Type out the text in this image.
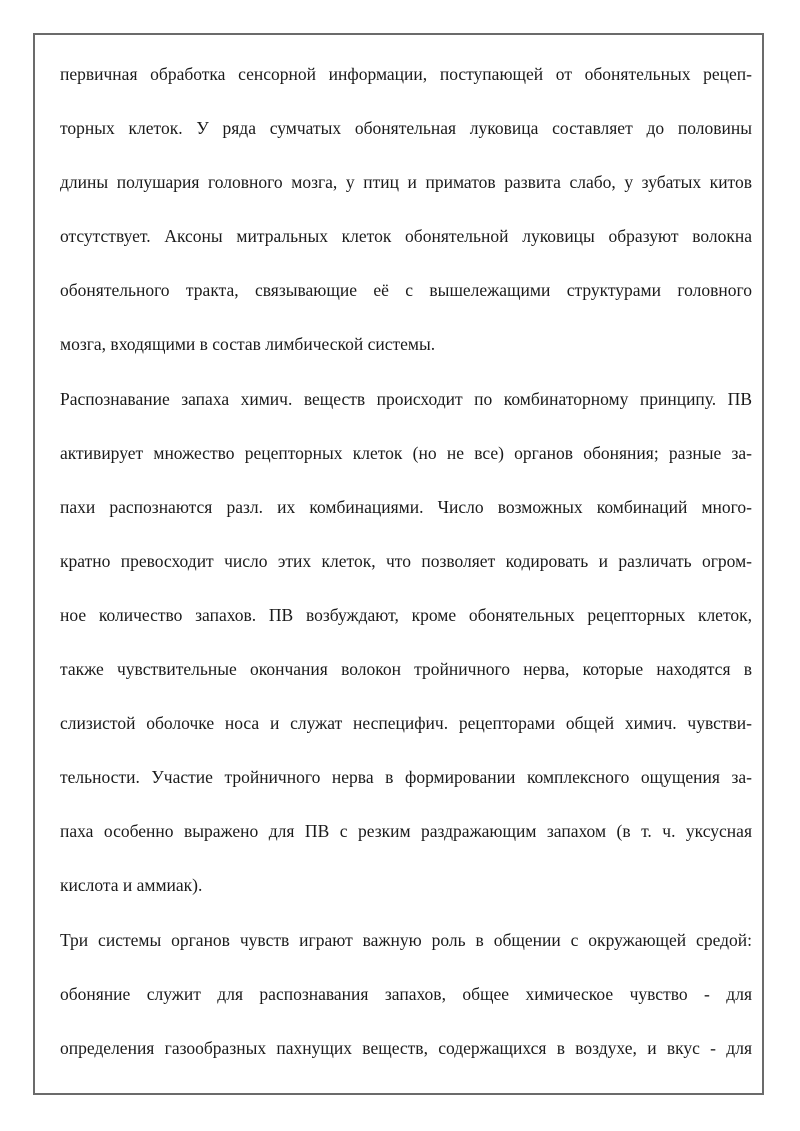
первичная обработка сенсорной информации, поступающей от обонятельных рецеп-
торных клеток. У ряда сумчатых обонятельная луковица составляет до половины
длины полушария головного мозга, у птиц и приматов развита слабо, у зубатых китов
отсутствует. Аксоны митральных клеток обонятельной луковицы образуют волокна
обонятельного тракта, связывающие её с вышележащими структурами головного
мозга, входящими в состав лимбической системы.
Распознавание запаха химич. веществ происходит по комбинаторному принципу. ПВ
активирует множество рецепторных клеток (но не все) органов обоняния; разные за-
пахи распознаются разл. их комбинациями. Число возможных комбинаций много-
кратно превосходит число этих клеток, что позволяет кодировать и различать огром-
ное количество запахов. ПВ возбуждают, кроме обонятельных рецепторных клеток,
также чувствительные окончания волокон тройничного нерва, которые находятся в
слизистой оболочке носа и служат неспецифич. рецепторами общей химич. чувстви-
тельности. Участие тройничного нерва в формировании комплексного ощущения за-
паха особенно выражено для ПВ с резким раздражающим запахом (в т. ч. уксусная
кислота и аммиак).
Три системы органов чувств играют важную роль в общении с окружающей средой:
обоняние служит для распознавания запахов, общее химическое чувство - для
определения газообразных пахнущих веществ, содержащихся в воздухе, и вкус - для
